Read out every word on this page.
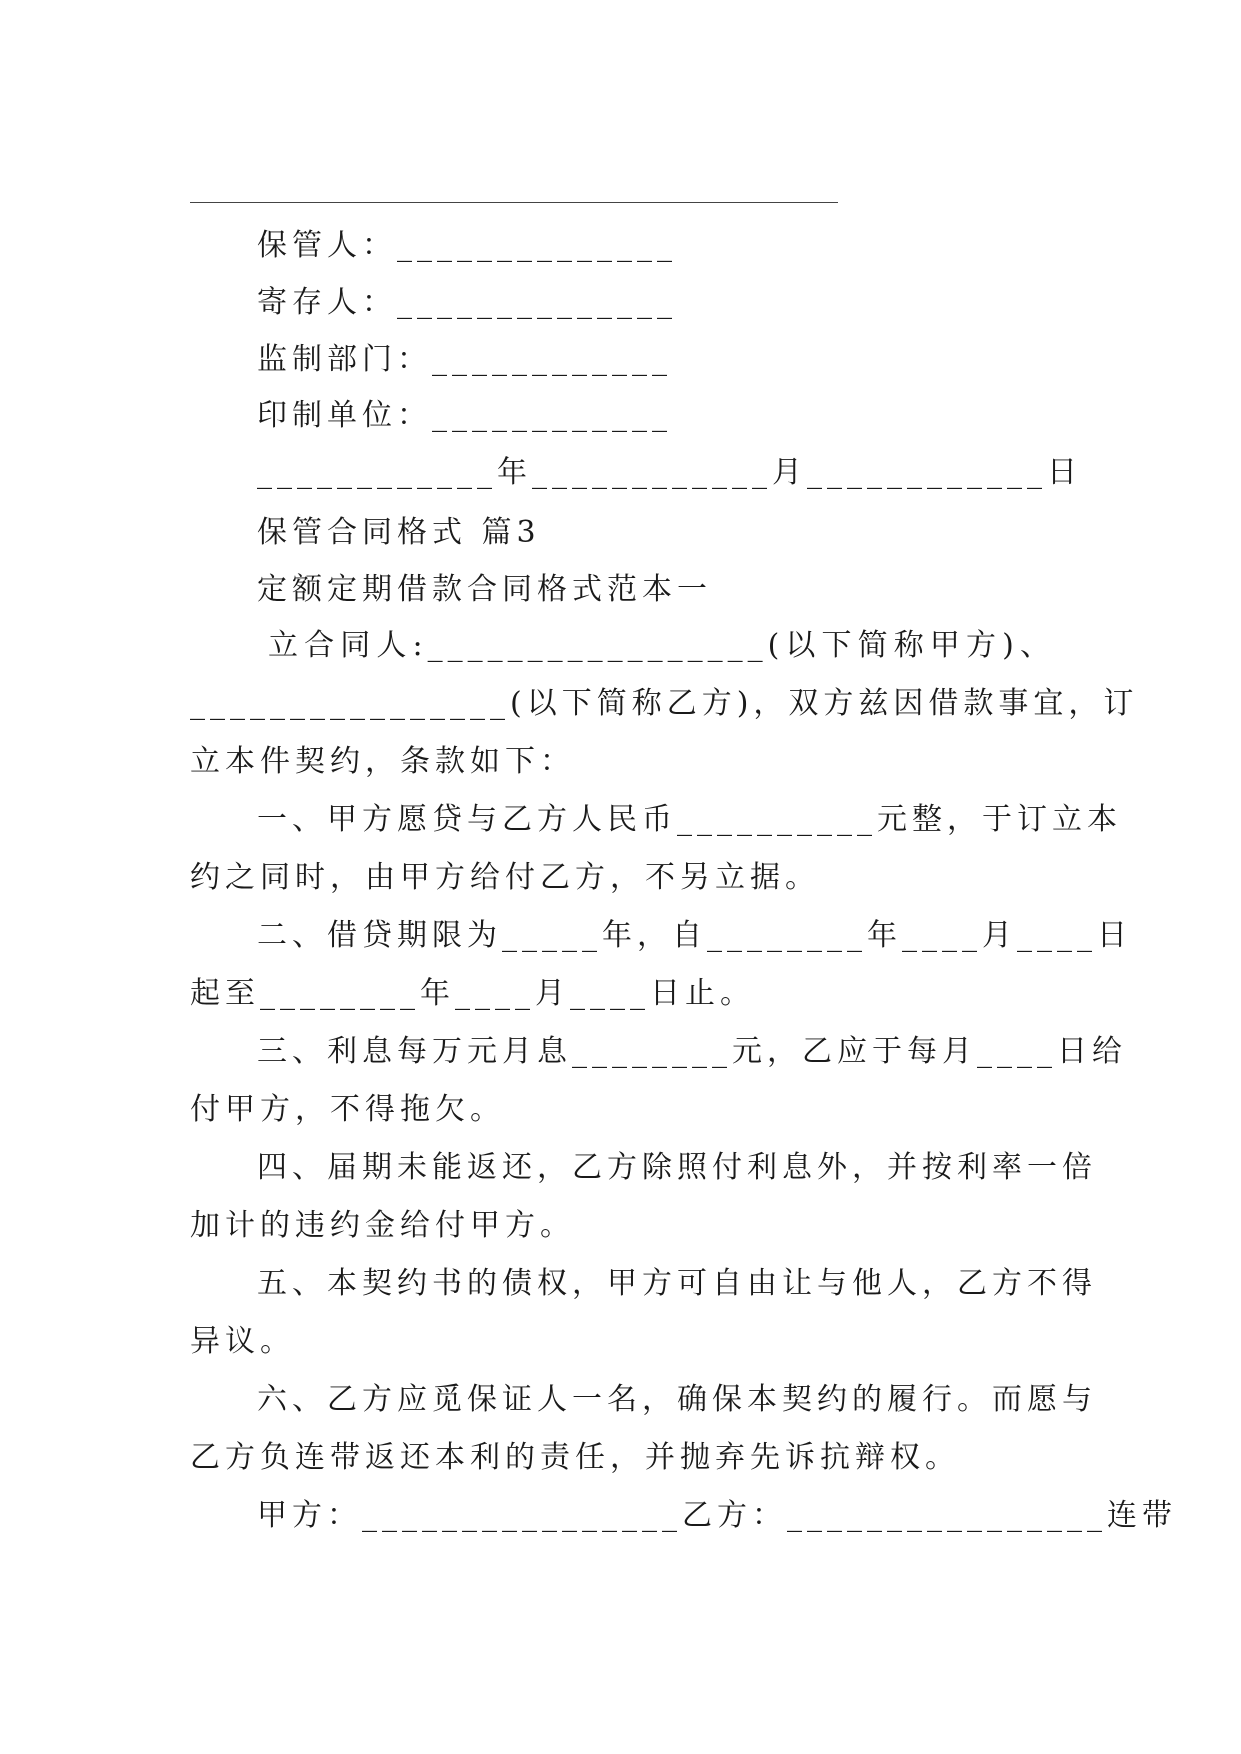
保管人：______________
寄存人：______________
监制部门：____________
印制单位：____________
____________年____________月____________日
保管合同格式 篇3
定额定期借款合同格式范本一
立合同人:_________________(以下简称甲方)、
________________(以下简称乙方)，双方兹因借款事宜，订
立本件契约，条款如下：
一、甲方愿贷与乙方人民币__________元整，于订立本
约之同时，由甲方给付乙方，不另立据。
二、借贷期限为_____年，自________年____月____日
起至________年____月____日止。
三、利息每万元月息________元，乙应于每月____日给
付甲方，不得拖欠。
四、届期未能返还，乙方除照付利息外，并按利率一倍
加计的违约金给付甲方。
五、本契约书的债权，甲方可自由让与他人，乙方不得
异议。
六、乙方应觅保证人一名，确保本契约的履行。而愿与
乙方负连带返还本利的责任，并抛弃先诉抗辩权。
甲方：________________乙方：________________连带
